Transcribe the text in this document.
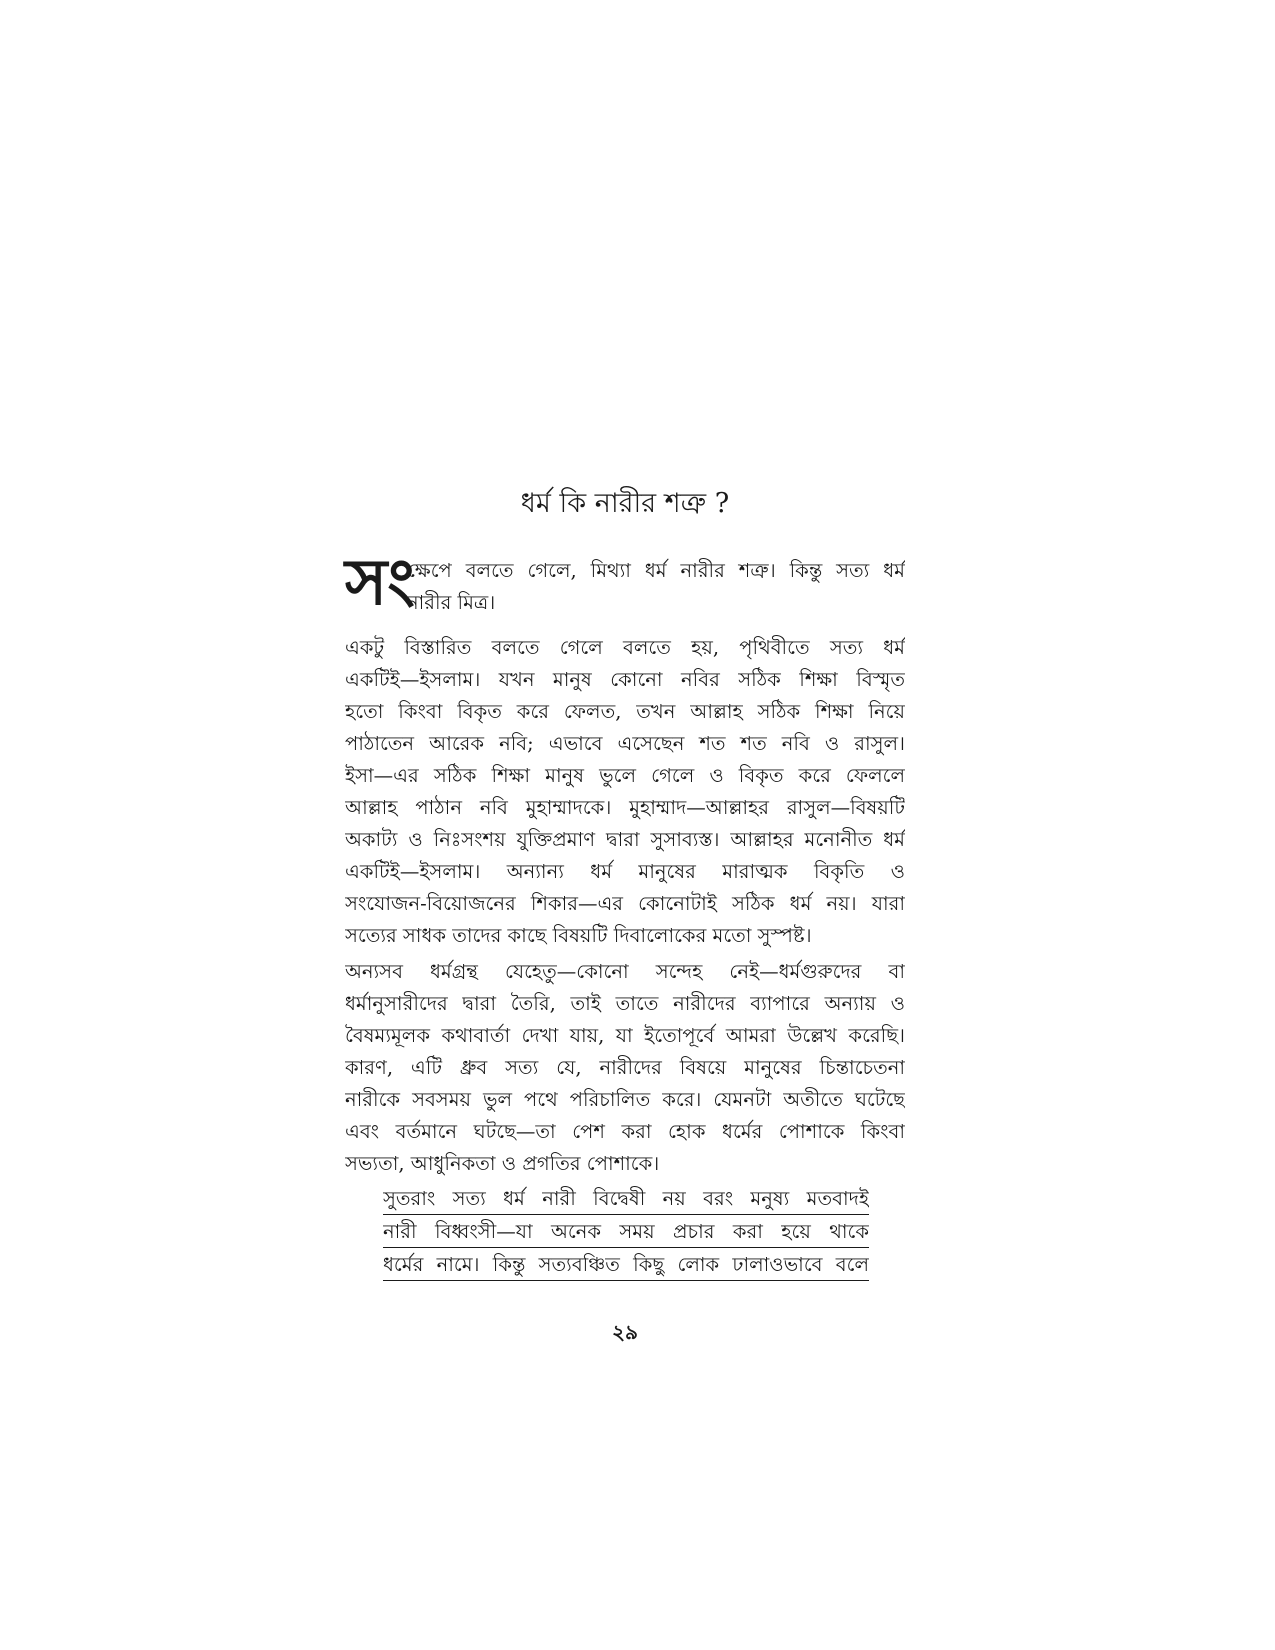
ধর্ম কি নারীর শত্রু ?
সং
ক্ষেপে বলতে গেলে, মিথ্যা ধর্ম নারীর শত্রু। কিন্তু সত্য ধর্ম
নারীর মিত্র।
একটু বিস্তারিত বলতে গেলে বলতে হয়, পৃথিবীতে সত্য ধর্ম
একটিই—ইসলাম। যখন মানুষ কোনো নবির সঠিক শিক্ষা বিস্মৃত
হতো কিংবা বিকৃত করে ফেলত, তখন আল্লাহ সঠিক শিক্ষা নিয়ে
পাঠাতেন আরেক নবি; এভাবে এসেছেন শত শত নবি ও রাসুল।
ইসা—এর সঠিক শিক্ষা মানুষ ভুলে গেলে ও বিকৃত করে ফেললে
আল্লাহ পাঠান নবি মুহাম্মাদকে। মুহাম্মাদ—আল্লাহর রাসুল—বিষয়টি
অকাট্য ও নিঃসংশয় যুক্তিপ্রমাণ দ্বারা সুসাব্যস্ত। আল্লাহর মনোনীত ধর্ম
একটিই—ইসলাম। অন্যান্য ধর্ম মানুষের মারাত্মক বিকৃতি ও
সংযোজন-বিয়োজনের শিকার—এর কোনোটাই সঠিক ধর্ম নয়। যারা
সত্যের সাধক তাদের কাছে বিষয়টি দিবালোকের মতো সুস্পষ্ট।
অন্যসব ধর্মগ্রন্থ যেহেতু—কোনো সন্দেহ নেই—ধর্মগুরুদের বা
ধর্মানুসারীদের দ্বারা তৈরি, তাই তাতে নারীদের ব্যাপারে অন্যায় ও
বৈষম্যমূলক কথাবার্তা দেখা যায়, যা ইতোপূর্বে আমরা উল্লেখ করেছি।
কারণ, এটি ধ্রুব সত্য যে, নারীদের বিষয়ে মানুষের চিন্তাচেতনা
নারীকে সবসময় ভুল পথে পরিচালিত করে। যেমনটা অতীতে ঘটেছে
এবং বর্তমানে ঘটছে—তা পেশ করা হোক ধর্মের পোশাকে কিংবা
সভ্যতা, আধুনিকতা ও প্রগতির পোশাকে।
সুতরাং সত্য ধর্ম নারী বিদ্বেষী নয় বরং মনুষ্য মতবাদই
নারী বিধ্বংসী—যা অনেক সময় প্রচার করা হয়ে থাকে
ধর্মের নামে। কিন্তু সত্যবঞ্চিত কিছু লোক ঢালাওভাবে বলে
২৯
